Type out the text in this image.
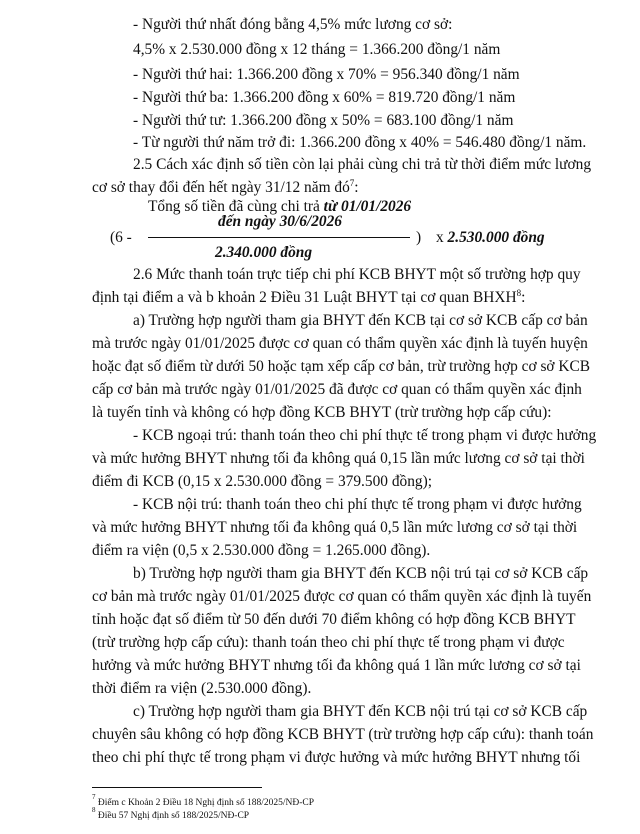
- Người thứ nhất đóng bằng 4,5% mức lương cơ sở:
4,5% x 2.530.000 đồng x 12 tháng = 1.366.200 đồng/1 năm
- Người thứ hai: 1.366.200 đồng x 70% = 956.340 đồng/1 năm
- Người thứ ba: 1.366.200 đồng x 60% = 819.720 đồng/1 năm
- Người thứ tư: 1.366.200 đồng x 50% = 683.100 đồng/1 năm
- Từ người thứ năm trở đi: 1.366.200 đồng x 40% = 546.480 đồng/1 năm.
2.5 Cách xác định số tiền còn lại phải cùng chi trả từ thời điểm mức lương
cơ sở thay đổi đến hết ngày 31/12 năm $đó^7$:
Tổng số tiền đã cùng chi trả từ 01/01/2026
đến ngày 30/6/2026
(6 -	) x 2.530.000 đồng
2.340.000 đồng
2.6 Mức thanh toán trực tiếp chi phí KCB BHYT một số trường hợp quy
định tại điểm a và b khoản 2 Điều 31 Luật BHYT tại cơ quan BHXH$^8$:
a) Trường hợp người tham gia BHYT đến KCB tại cơ sở KCB cấp cơ bản
mà trước ngày 01/01/2025 được cơ quan có thẩm quyền xác định là tuyến huyện
hoặc đạt số điểm từ dưới 50 hoặc tạm xếp cấp cơ bản, trừ trường hợp cơ sở KCB
cấp cơ bản mà trước ngày 01/01/2025 đã được cơ quan có thẩm quyền xác định
là tuyến tỉnh và không có hợp đồng KCB BHYT (trừ trường hợp cấp cứu):
- KCB ngoại trú: thanh toán theo chi phí thực tế trong phạm vi được hưởng
và mức hưởng BHYT nhưng tối đa không quá 0,15 lần mức lương cơ sở tại thời
điểm đi KCB (0,15 x 2.530.000 đồng = 379.500 đồng);
- KCB nội trú: thanh toán theo chi phí thực tế trong phạm vi được hưởng
và mức hưởng BHYT nhưng tối đa không quá 0,5 lần mức lương cơ sở tại thời
điểm ra viện (0,5 x 2.530.000 đồng = 1.265.000 đồng).
b) Trường hợp người tham gia BHYT đến KCB nội trú tại cơ sở KCB cấp
cơ bản mà trước ngày 01/01/2025 được cơ quan có thẩm quyền xác định là tuyến
tỉnh hoặc đạt số điểm từ 50 đến dưới 70 điểm không có hợp đồng KCB BHYT
(trừ trường hợp cấp cứu): thanh toán theo chi phí thực tế trong phạm vi được
hưởng và mức hưởng BHYT nhưng tối đa không quá 1 lần mức lương cơ sở tại
thời điểm ra viện (2.530.000 đồng).
c) Trường hợp người tham gia BHYT đến KCB nội trú tại cơ sở KCB cấp
chuyên sâu không có hợp đồng KCB BHYT (trừ trường hợp cấp cứu): thanh toán
theo chi phí thực tế trong phạm vi được hưởng và mức hưởng BHYT nhưng tối
$^7$ Điểm c Khoản 2 Điều 18 Nghị định số 188/2025/NĐ-CP
$^8$ Điều 57 Nghị định số 188/2025/NĐ-CP
